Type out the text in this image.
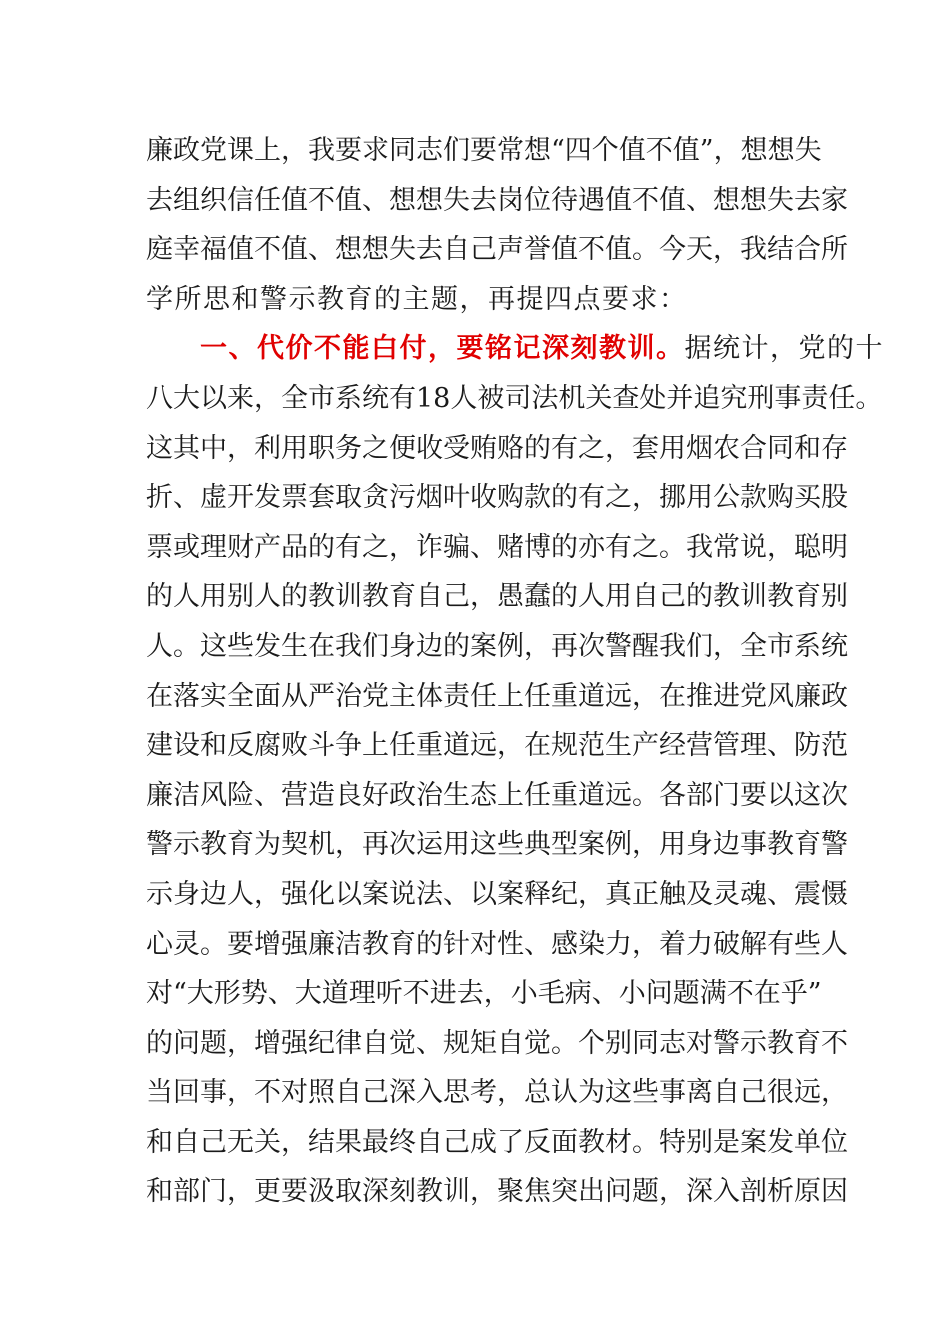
廉政党课上，我要求同志们要常想“四个值不值”，想想失
去组织信任值不值、想想失去岗位待遇值不值、想想失去家
庭幸福值不值、想想失去自己声誉值不值。今天，我结合所
学所思和警示教育的主题，再提四点要求：
一、代价不能白付，要铭记深刻教训。据统计，党的十
八大以来，全市系统有18人被司法机关查处并追究刑事责任。
这其中，利用职务之便收受贿赂的有之，套用烟农合同和存
折、虚开发票套取贪污烟叶收购款的有之，挪用公款购买股
票或理财产品的有之，诈骗、赌博的亦有之。我常说，聪明
的人用别人的教训教育自己，愚蠢的人用自己的教训教育别
人。这些发生在我们身边的案例，再次警醒我们，全市系统
在落实全面从严治党主体责任上任重道远，在推进党风廉政
建设和反腐败斗争上任重道远，在规范生产经营管理、防范
廉洁风险、营造良好政治生态上任重道远。各部门要以这次
警示教育为契机，再次运用这些典型案例，用身边事教育警
示身边人，强化以案说法、以案释纪，真正触及灵魂、震慑
心灵。要增强廉洁教育的针对性、感染力，着力破解有些人
对“大形势、大道理听不进去，小毛病、小问题满不在乎”
的问题，增强纪律自觉、规矩自觉。个别同志对警示教育不
当回事，不对照自己深入思考，总认为这些事离自己很远，
和自己无关，结果最终自己成了反面教材。特别是案发单位
和部门，更要汲取深刻教训，聚焦突出问题，深入剖析原因
